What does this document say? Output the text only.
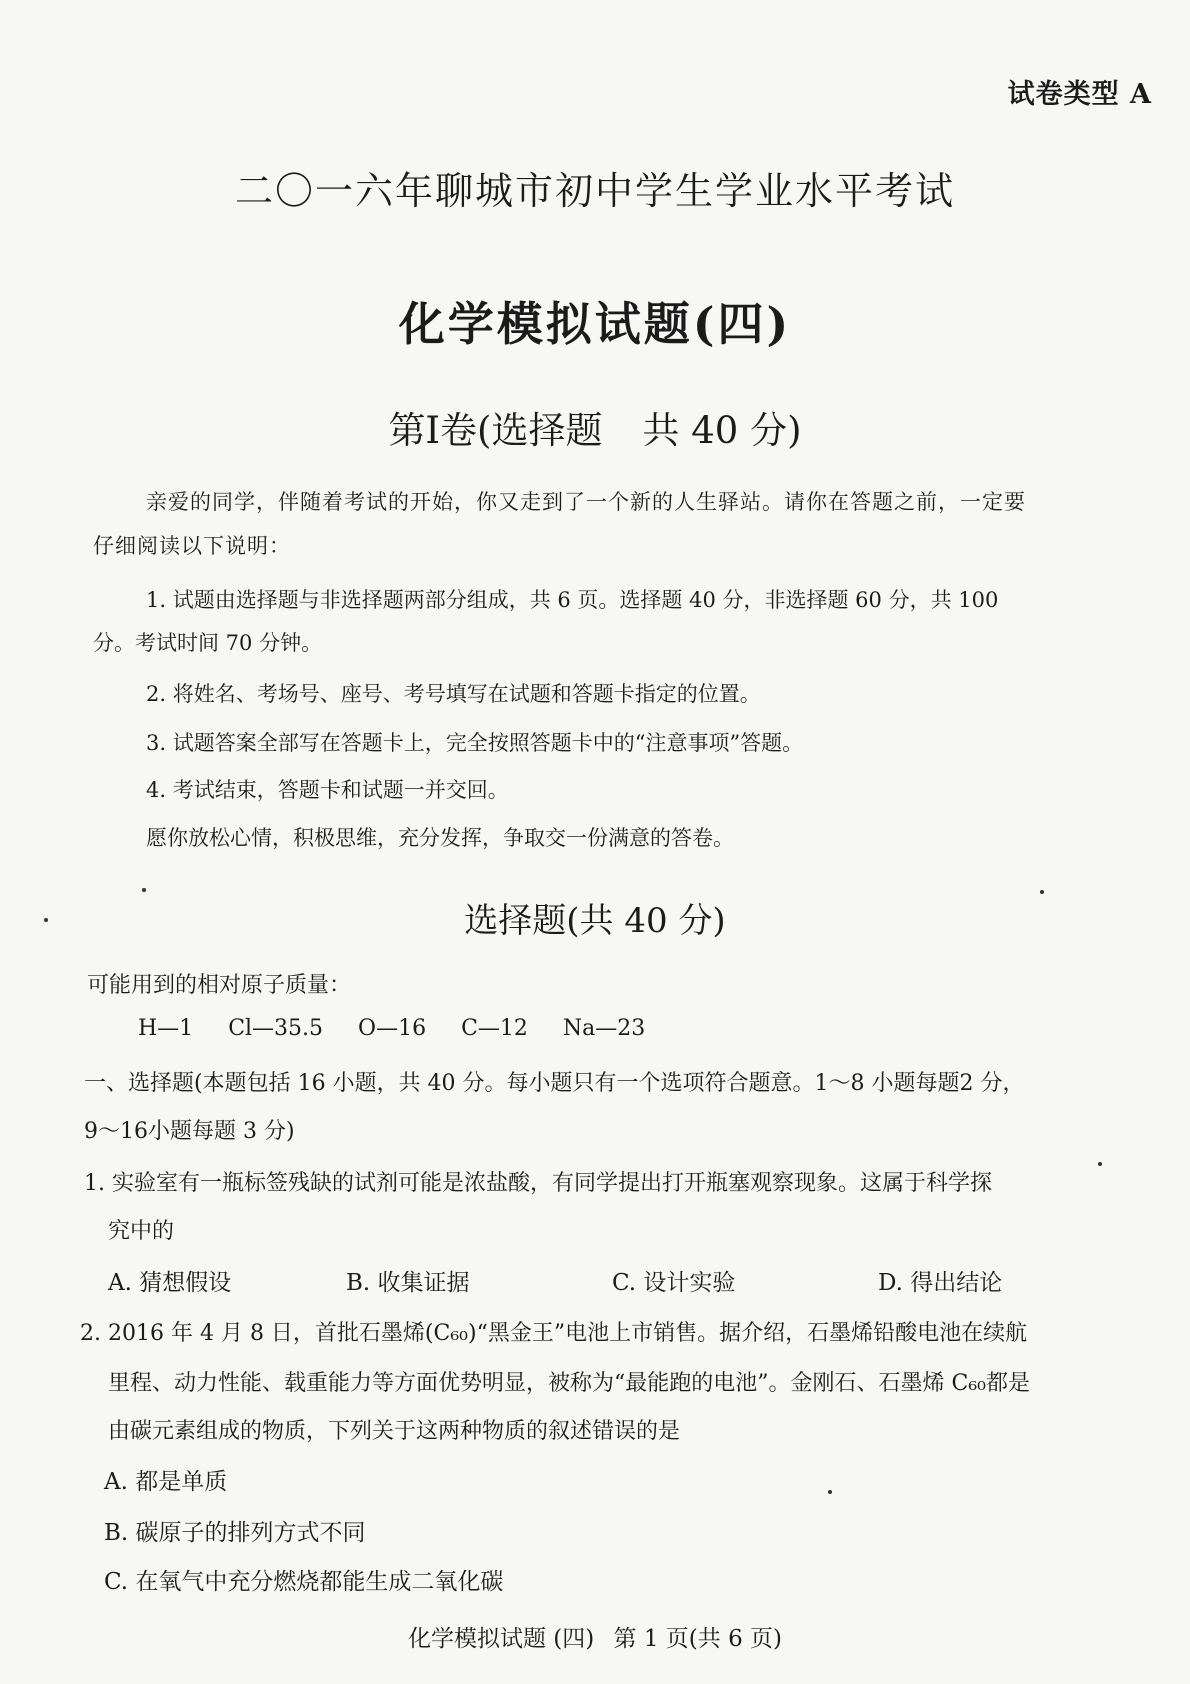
试卷类型 A
二〇一六年聊城市初中学生学业水平考试
化学模拟试题(四)
第Ⅰ卷(选择题 共 40 分)
亲爱的同学，伴随着考试的开始，你又走到了一个新的人生驿站。请你在答题之前，一定要
仔细阅读以下说明：
1. 试题由选择题与非选择题两部分组成，共 6 页。选择题 40 分，非选择题 60 分，共 100
分。考试时间 70 分钟。
2. 将姓名、考场号、座号、考号填写在试题和答题卡指定的位置。
3. 试题答案全部写在答题卡上，完全按照答题卡中的“注意事项”答题。
4. 考试结束，答题卡和试题一并交回。
愿你放松心情，积极思维，充分发挥，争取交一份满意的答卷。
选择题(共 40 分)
可能用到的相对原子质量：
H—1 Cl—35.5 O—16 C—12 Na—23
一、选择题(本题包括 16 小题，共 40 分。每小题只有一个选项符合题意。1～8 小题每题2 分，
9～16小题每题 3 分)
1. 实验室有一瓶标签残缺的试剂可能是浓盐酸，有同学提出打开瓶塞观察现象。这属于科学探
究中的
A. 猜想假设	B. 收集证据	C. 设计实验	D. 得出结论
2. 2016 年 4 月 8 日，首批石墨烯(C₆₀)“黑金王”电池上市销售。据介绍，石墨烯铅酸电池在续航
里程、动力性能、载重能力等方面优势明显，被称为“最能跑的电池”。金刚石、石墨烯 C₆₀都是
由碳元素组成的物质，下列关于这两种物质的叙述错误的是
A. 都是单质
B. 碳原子的排列方式不同
C. 在氧气中充分燃烧都能生成二氧化碳
化学模拟试题 (四) 第 1 页(共 6 页)
